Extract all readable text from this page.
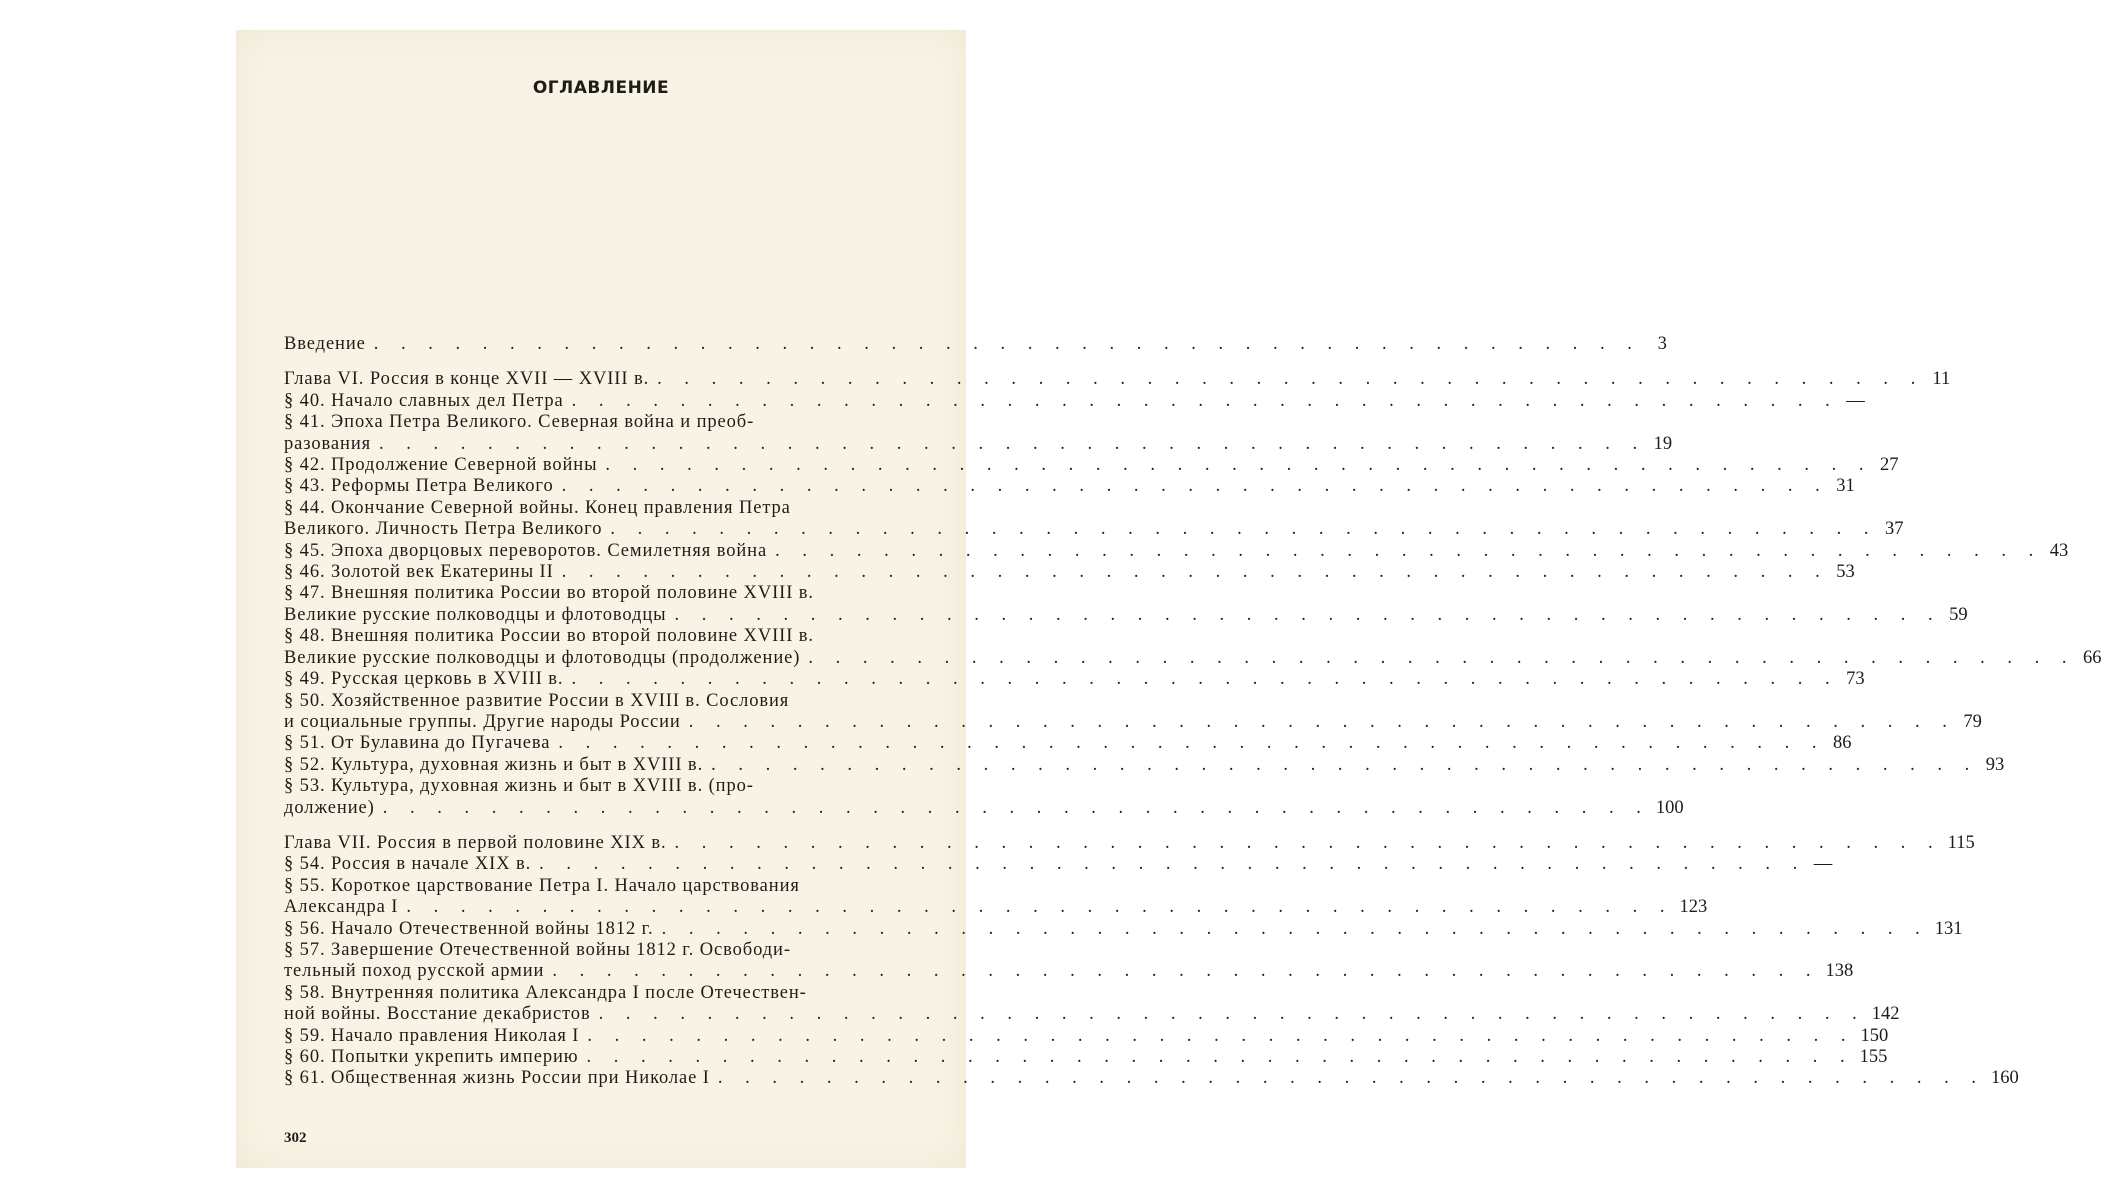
ОГЛАВЛЕНИЕ
Введение . . . . . . . . . . . . . . . . . . . . . . . . . . . . . . . . . . . . . . . . . . . . . . . 3
Глава VI. Россия в конце XVII — XVIII в. . . . . . . . . . . . . . . . . . . . . . . . . . . . . . . . . . . . . . . . . . . . . . . . 11
§ 40. Начало славных дел Петра . . . . . . . . . . . . . . . . . . . . . . . . . . . . . . . . . . . . . . . . . . . . . . . —
§ 41. Эпоха Петра Великого. Северная война и преоб-
разования . . . . . . . . . . . . . . . . . . . . . . . . . . . . . . . . . . . . . . . . . . . . . . . 19
§ 42. Продолжение Северной войны . . . . . . . . . . . . . . . . . . . . . . . . . . . . . . . . . . . . . . . . . . . . . . . 27
§ 43. Реформы Петра Великого . . . . . . . . . . . . . . . . . . . . . . . . . . . . . . . . . . . . . . . . . . . . . . . 31
§ 44. Окончание Северной войны. Конец правления Петра
Великого. Личность Петра Великого . . . . . . . . . . . . . . . . . . . . . . . . . . . . . . . . . . . . . . . . . . . . . . . 37
§ 45. Эпоха дворцовых переворотов. Семилетняя война . . . . . . . . . . . . . . . . . . . . . . . . . . . . . . . . . . . . . . . . . . . . . . . 43
§ 46. Золотой век Екатерины II . . . . . . . . . . . . . . . . . . . . . . . . . . . . . . . . . . . . . . . . . . . . . . . 53
§ 47. Внешняя политика России во второй половине XVIII в.
Великие русские полководцы и флотоводцы . . . . . . . . . . . . . . . . . . . . . . . . . . . . . . . . . . . . . . . . . . . . . . . 59
§ 48. Внешняя политика России во второй половине XVIII в.
Великие русские полководцы и флотоводцы (продолжение) . . . . . . . . . . . . . . . . . . . . . . . . . . . . . . . . . . . . . . . . . . . . . . . 66
§ 49. Русская церковь в XVIII в. . . . . . . . . . . . . . . . . . . . . . . . . . . . . . . . . . . . . . . . . . . . . . . . 73
§ 50. Хозяйственное развитие России в XVIII в. Сословия
и социальные группы. Другие народы России . . . . . . . . . . . . . . . . . . . . . . . . . . . . . . . . . . . . . . . . . . . . . . . 79
§ 51. От Булавина до Пугачева . . . . . . . . . . . . . . . . . . . . . . . . . . . . . . . . . . . . . . . . . . . . . . . 86
§ 52. Культура, духовная жизнь и быт в XVIII в. . . . . . . . . . . . . . . . . . . . . . . . . . . . . . . . . . . . . . . . . . . . . . . . 93
§ 53. Культура, духовная жизнь и быт в XVIII в. (про-
должение) . . . . . . . . . . . . . . . . . . . . . . . . . . . . . . . . . . . . . . . . . . . . . . . 100
Глава VII. Россия в первой половине XIX в. . . . . . . . . . . . . . . . . . . . . . . . . . . . . . . . . . . . . . . . . . . . . . . . 115
§ 54. Россия в начале XIX в. . . . . . . . . . . . . . . . . . . . . . . . . . . . . . . . . . . . . . . . . . . . . . . . —
§ 55. Короткое царствование Петра I. Начало царствования
Александра I . . . . . . . . . . . . . . . . . . . . . . . . . . . . . . . . . . . . . . . . . . . . . . . 123
§ 56. Начало Отечественной войны 1812 г. . . . . . . . . . . . . . . . . . . . . . . . . . . . . . . . . . . . . . . . . . . . . . . . 131
§ 57. Завершение Отечественной войны 1812 г. Освободи-
тельный поход русской армии . . . . . . . . . . . . . . . . . . . . . . . . . . . . . . . . . . . . . . . . . . . . . . . 138
§ 58. Внутренняя политика Александра I после Отечествен-
ной войны. Восстание декабристов . . . . . . . . . . . . . . . . . . . . . . . . . . . . . . . . . . . . . . . . . . . . . . . 142
§ 59. Начало правления Николая I . . . . . . . . . . . . . . . . . . . . . . . . . . . . . . . . . . . . . . . . . . . . . . . 150
§ 60. Попытки укрепить империю . . . . . . . . . . . . . . . . . . . . . . . . . . . . . . . . . . . . . . . . . . . . . . . 155
§ 61. Общественная жизнь России при Николае I . . . . . . . . . . . . . . . . . . . . . . . . . . . . . . . . . . . . . . . . . . . . . . . 160
302
